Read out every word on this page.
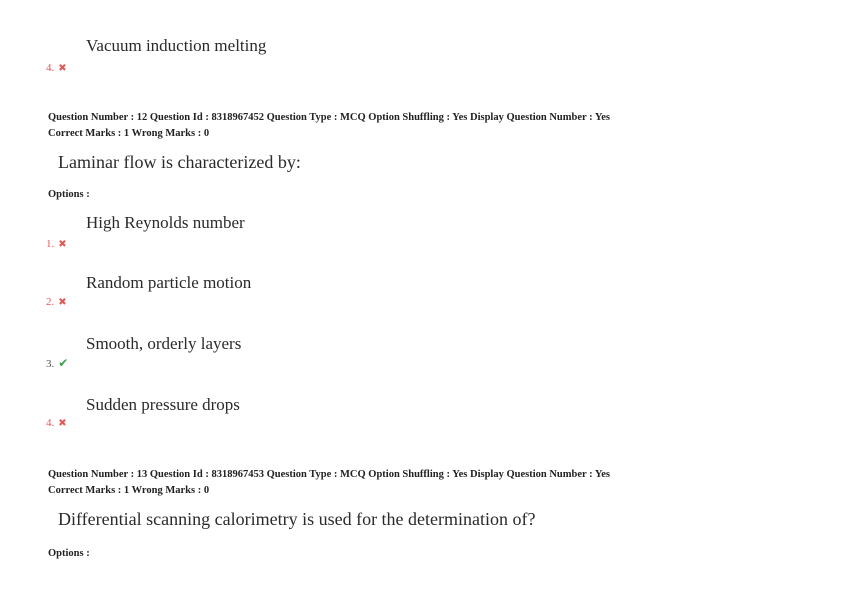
Vacuum induction melting
4. ✖
Question Number : 12 Question Id : 8318967452 Question Type : MCQ Option Shuffling : Yes Display Question Number : Yes
Correct Marks : 1 Wrong Marks : 0
Laminar flow is characterized by:
Options :
High Reynolds number
1. ✖
Random particle motion
2. ✖
Smooth, orderly layers
3. ✔
Sudden pressure drops
4. ✖
Question Number : 13 Question Id : 8318967453 Question Type : MCQ Option Shuffling : Yes Display Question Number : Yes
Correct Marks : 1 Wrong Marks : 0
Differential scanning calorimetry is used for the determination of?
Options :
